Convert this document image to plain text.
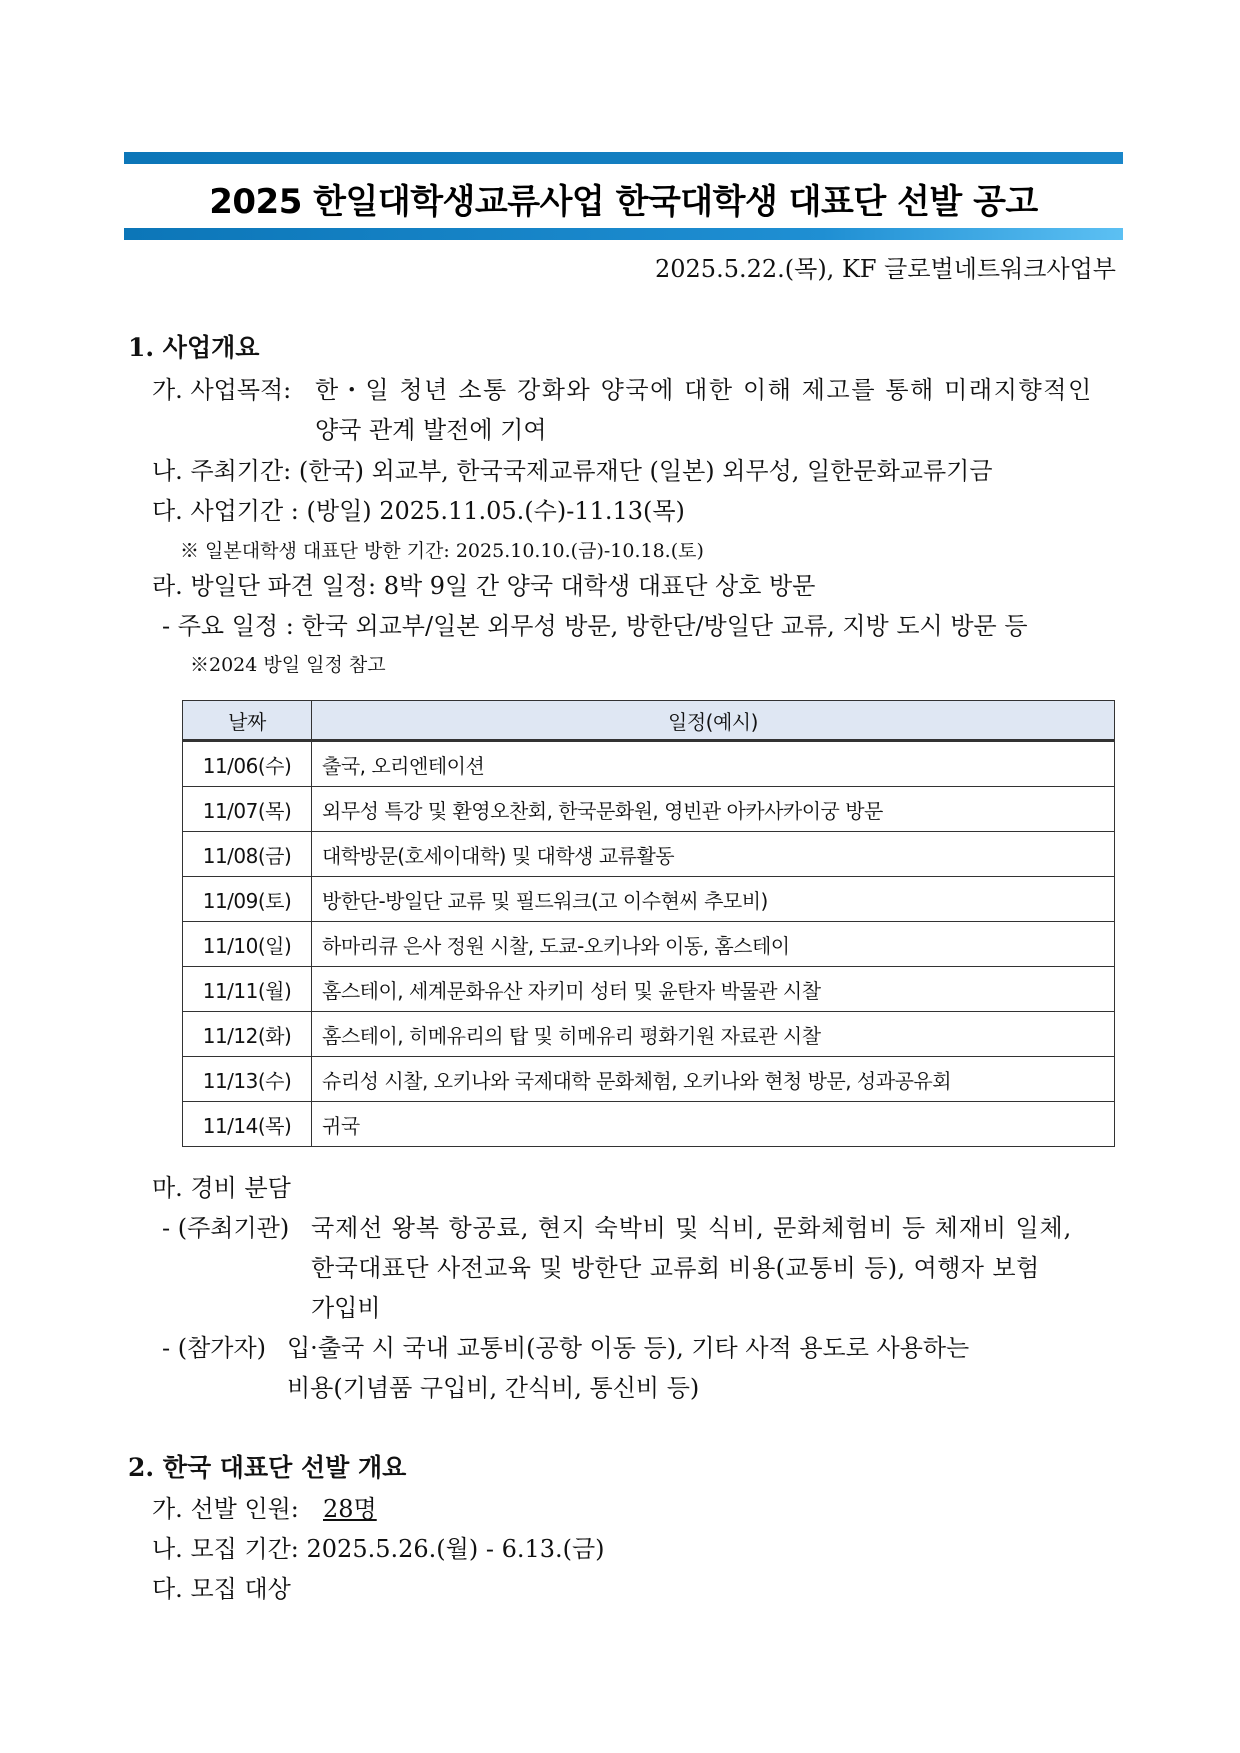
2025 한일대학생교류사업 한국대학생 대표단 선발 공고
2025.5.22.(목), KF 글로벌네트워크사업부
1. 사업개요
가. 사업목적: 한・일 청년 소통 강화와 양국에 대한 이해 제고를 통해 미래지향적인
양국 관계 발전에 기여
나. 주최기간: (한국) 외교부, 한국국제교류재단 (일본) 외무성, 일한문화교류기금
다. 사업기간 : (방일) 2025.11.05.(수)-11.13(목)
※ 일본대학생 대표단 방한 기간: 2025.10.10.(금)-10.18.(토)
라. 방일단 파견 일정: 8박 9일 간 양국 대학생 대표단 상호 방문
- 주요 일정 : 한국 외교부/일본 외무성 방문, 방한단/방일단 교류, 지방 도시 방문 등
※2024 방일 일정 참고
날짜	일정(예시)
11/06(수)	출국, 오리엔테이션
11/07(목)	외무성 특강 및 환영오찬회, 한국문화원, 영빈관 아카사카이궁 방문
11/08(금)	대학방문(호세이대학) 및 대학생 교류활동
11/09(토)	방한단-방일단 교류 및 필드워크(고 이수현씨 추모비)
11/10(일)	하마리큐 은사 정원 시찰, 도쿄-오키나와 이동, 홈스테이
11/11(월)	홈스테이, 세계문화유산 자키미 성터 및 윤탄자 박물관 시찰
11/12(화)	홈스테이, 히메유리의 탑 및 히메유리 평화기원 자료관 시찰
11/13(수)	슈리성 시찰, 오키나와 국제대학 문화체험, 오키나와 현청 방문, 성과공유회
11/14(목)	귀국
마. 경비 분담
- (주최기관) 국제선 왕복 항공료, 현지 숙박비 및 식비, 문화체험비 등 체재비 일체,
한국대표단 사전교육 및 방한단 교류회 비용(교통비 등), 여행자 보험
가입비
- (참가자) 입·출국 시 국내 교통비(공항 이동 등), 기타 사적 용도로 사용하는
비용(기념품 구입비, 간식비, 통신비 등)
2. 한국 대표단 선발 개요
가. 선발 인원: 28명
나. 모집 기간: 2025.5.26.(월) - 6.13.(금)
다. 모집 대상
